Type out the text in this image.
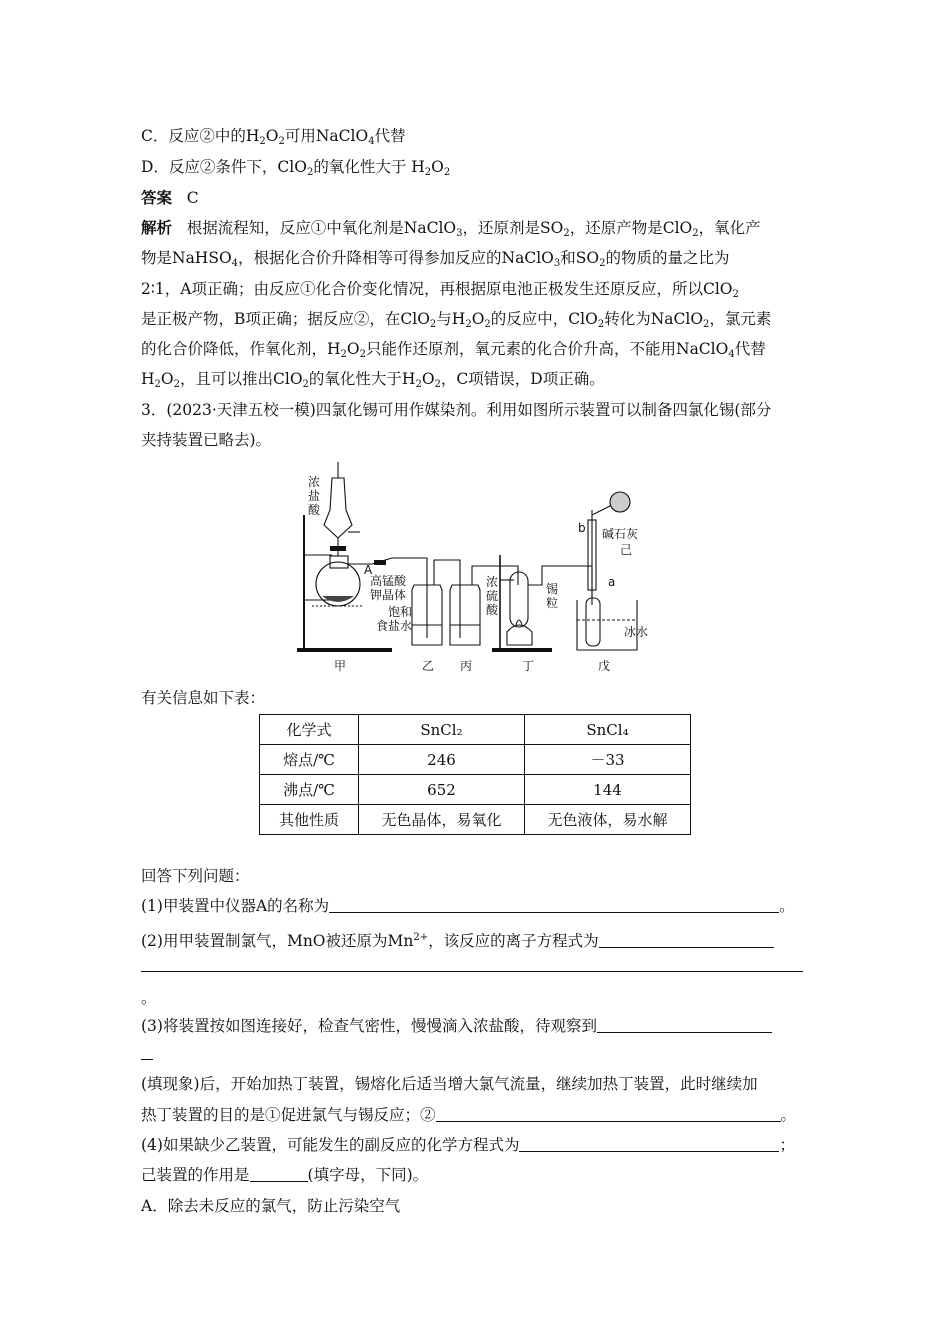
C．反应②中的$H_2O_2$可用NaClO$_4$代替
D．反应②条件下，ClO$_2$的氧化性大于 $H_2O_2$
答案 C
解析 根据流程知，反应①中氧化剂是NaClO$_3$，还原剂是$SO_2$，还原产物是ClO$_2$，氧化产
物是NaHSO$_4$，根据化合价升降相等可得参加反应的NaClO$_3$和$SO_2$的物质的量之比为
2∶1，A项正确；由反应①化合价变化情况，再根据原电池正极发生还原反应，所以ClO$_2$
是正极产物，B项正确；据反应②，在ClO$_2$与$H_2O_2$的反应中，ClO$_2$转化为NaClO$_2$，氯元素
的化合价降低，作氧化剂，$H_2O_2$只能作还原剂，氧元素的化合价升高，不能用NaClO$_4$代替
$H_2O_2$，且可以推出ClO$_2$的氧化性大于$H_2O_2$，C项错误，D项正确。
3．(2023·天津五校一模)四氯化锡可用作媒染剂。利用如图所示装置可以制备四氯化锡(部分
夹持装置已略去)。
浓
盐
酸
A
高锰酸
钾晶体
饱和
食盐水
浓
硫
酸
锡
粒
碱石灰
己
b
a
冰水
甲	乙 丙	丁	戊
有关信息如下表：
化学式	SnCl₂	SnCl₄
熔点/℃	246	－33
沸点/℃	652	144
其他性质	无色晶体，易氧化	无色液体，易水解
回答下列问题：
(1)甲装置中仪器A的名称为	。
(2)用甲装置制氯气，MnO被还原为$Mn^{2+}$，该反应的离子方程式为
。
(3)将装置按如图连接好，检查气密性，慢慢滴入浓盐酸，待观察到
(填现象)后，开始加热丁装置，锡熔化后适当增大氯气流量，继续加热丁装置，此时继续加
热丁装置的目的是①促进氯气与锡反应；②	。
(4)如果缺少乙装置，可能发生的副反应的化学方程式为	；
己装置的作用是	(填字母，下同)。
A．除去未反应的氯气，防止污染空气
